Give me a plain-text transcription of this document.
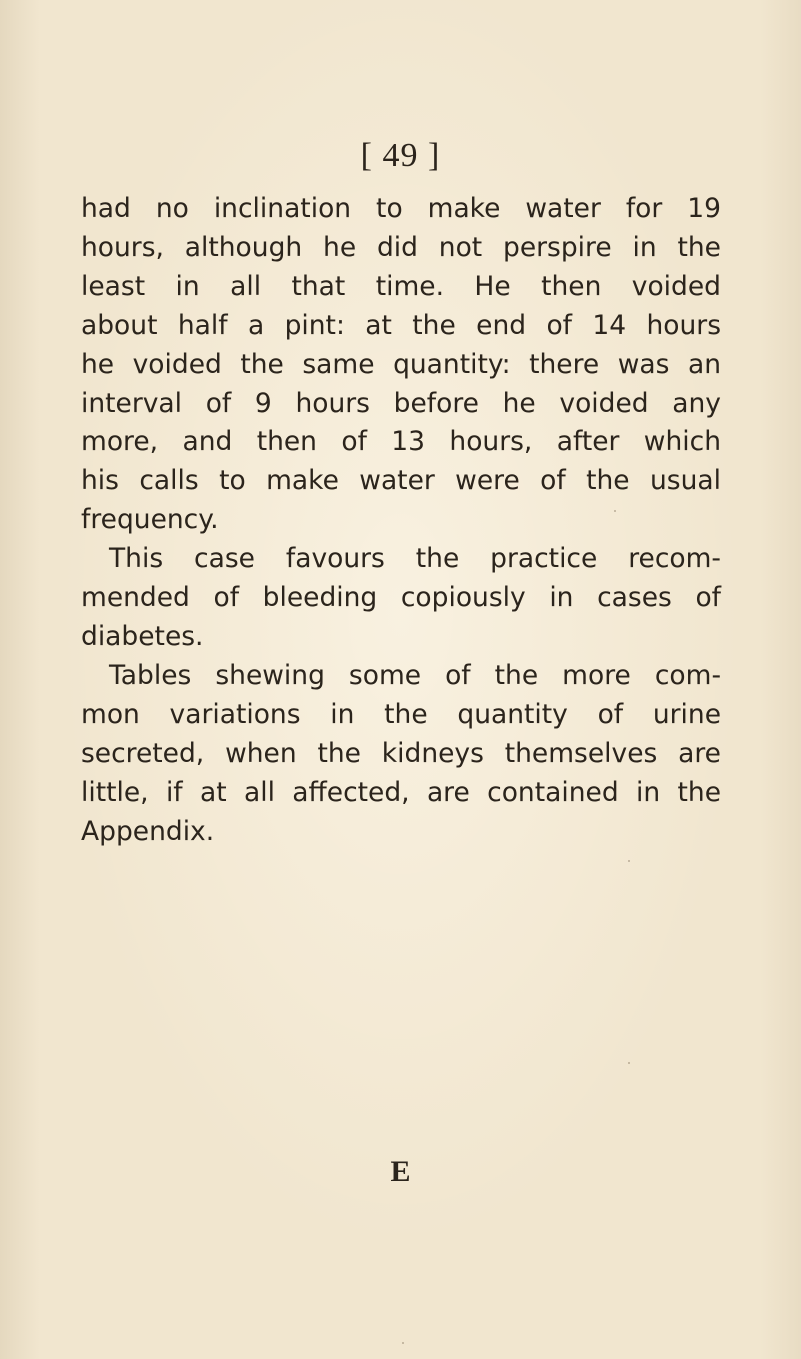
[ 49 ]
had no inclination to make water for 19
hours, although he did not perspire in the
least in all that time. He then voided
about half a pint: at the end of 14 hours
he voided the same quantity: there was an
interval of 9 hours before he voided any
more, and then of 13 hours, after which
his calls to make water were of the usual
frequency.
This case favours the practice recom-
mended of bleeding copiously in cases of
diabetes.
Tables shewing some of the more com-
mon variations in the quantity of urine
secreted, when the kidneys themselves are
little, if at all affected, are contained in the
Appendix.
E
